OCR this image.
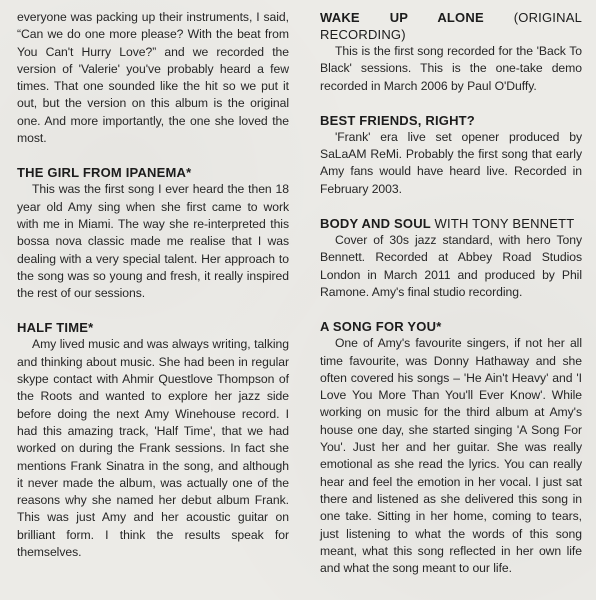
everyone was packing up their instruments, I said, “Can we do one more please? With the beat from You Can't Hurry Love?” and we recorded the version of 'Valerie' you've probably heard a few times. That one sounded like the hit so we put it out, but the version on this album is the original one. And more importantly, the one she loved the most.

THE GIRL FROM IPANEMA*

This was the first song I ever heard the then 18 year old Amy sing when she first came to work with me in Miami. The way she re-interpreted this bossa nova classic made me realise that I was dealing with a very special talent. Her approach to the song was so young and fresh, it really inspired the rest of our sessions.

HALF TIME*

Amy lived music and was always writing, talking and thinking about music. She had been in regular skype contact with Ahmir Questlove Thompson of the Roots and wanted to explore her jazz side before doing the next Amy Winehouse record. I had this amazing track, 'Half Time', that we had worked on during the Frank sessions. In fact she mentions Frank Sinatra in the song, and although it never made the album, was actually one of the reasons why she named her debut album Frank. This was just Amy and her acoustic guitar on brilliant form. I think the results speak for themselves.

WAKE UP ALONE (ORIGINAL RECORDING)

This is the first song recorded for the 'Back To Black' sessions. This is the one-take demo recorded in March 2006 by Paul O'Duffy.

BEST FRIENDS, RIGHT?

'Frank' era live set opener produced by SaLaAM ReMi. Probably the first song that early Amy fans would have heard live. Recorded in February 2003.

BODY AND SOUL WITH TONY BENNETT

Cover of 30s jazz standard, with hero Tony Bennett. Recorded at Abbey Road Studios London in March 2011 and produced by Phil Ramone. Amy's final studio recording.

A SONG FOR YOU*

One of Amy's favourite singers, if not her all time favourite, was Donny Hathaway and she often covered his songs – 'He Ain't Heavy' and 'I Love You More Than You'll Ever Know'. While working on music for the third album at Amy's house one day, she started singing 'A Song For You'. Just her and her guitar. She was really emotional as she read the lyrics. You can really hear and feel the emotion in her vocal. I just sat there and listened as she delivered this song in one take. Sitting in her home, coming to tears, just listening to what the words of this song meant, what this song reflected in her own life and what the song meant to our life.
